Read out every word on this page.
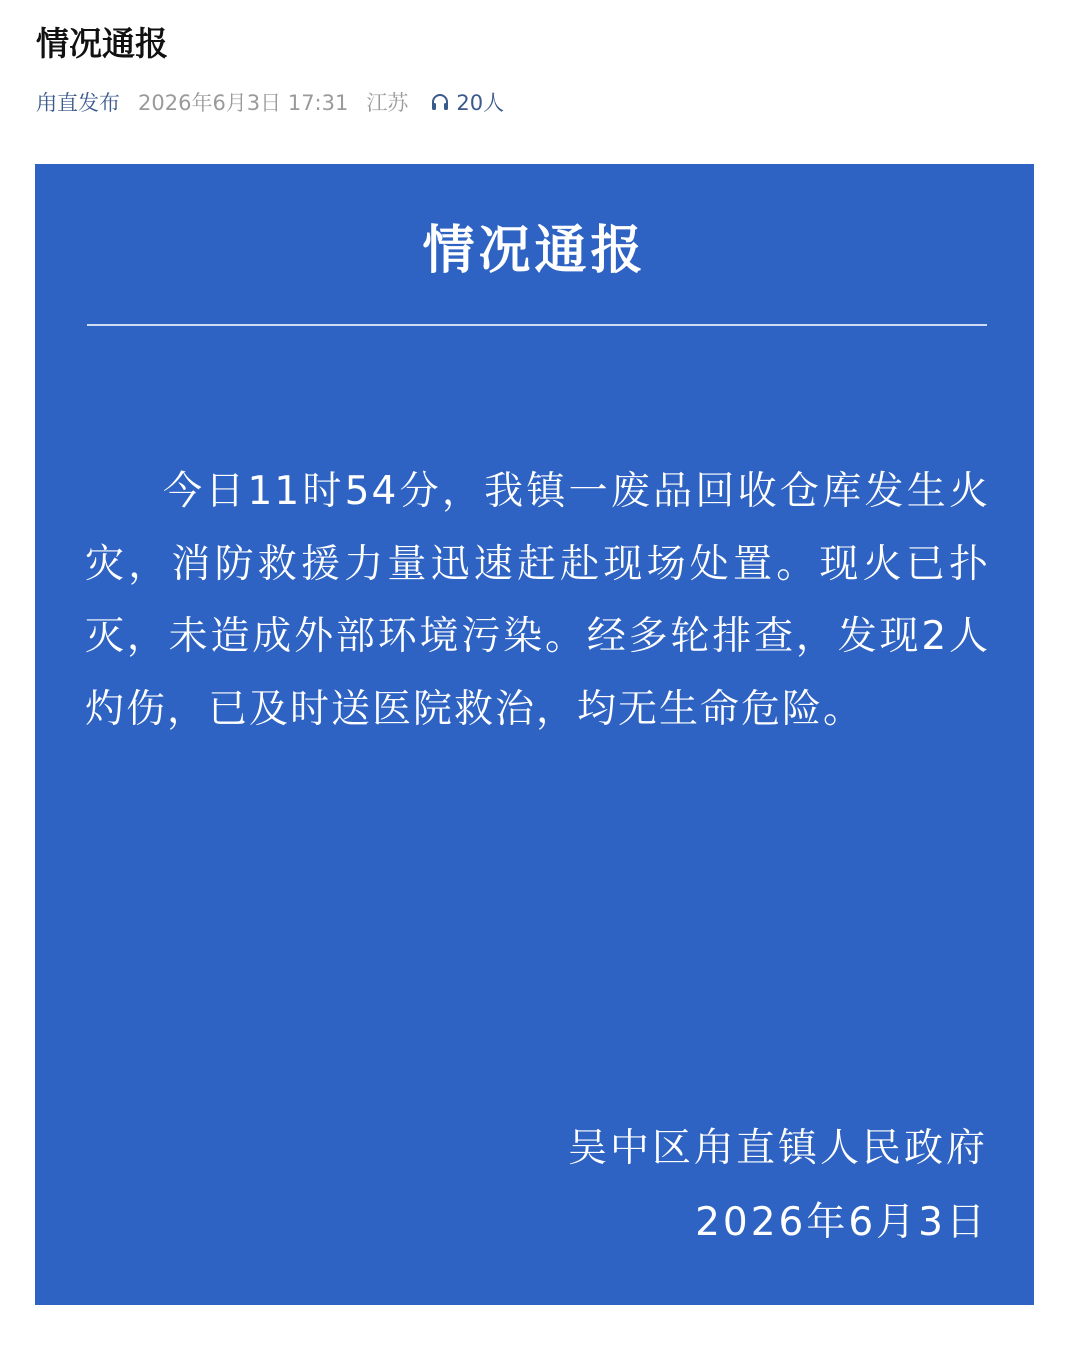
情况通报
甪直发布 2026年6月3日 17:31 江苏 20人
情况通报
今日11时54分，我镇一废品回收仓库发生火灾，消防救援力量迅速赶赴现场处置。现火已扑灭，未造成外部环境污染。经多轮排查，发现2人灼伤，已及时送医院救治，均无生命危险。
吴中区甪直镇人民政府
2026年6月3日
